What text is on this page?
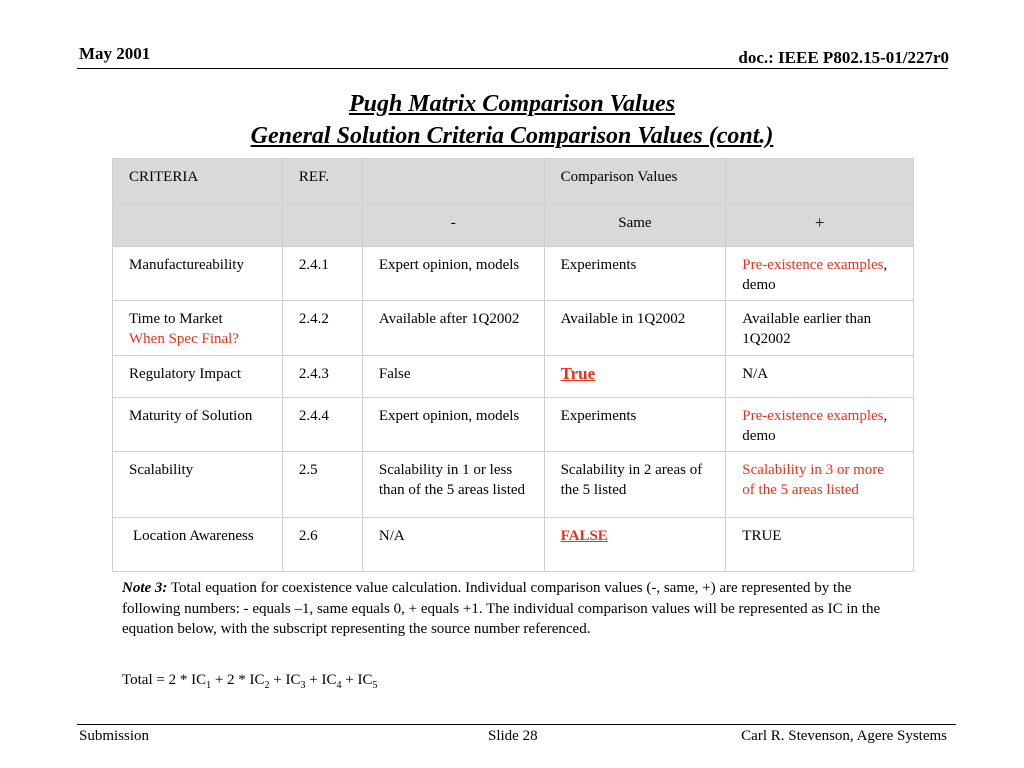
May 2001	doc.: IEEE P802.15-01/227r0
Pugh Matrix Comparison Values
General Solution Criteria Comparison Values (cont.)
CRITERIA	REF.		Comparison Values	
		-	Same	+
Manufactureability	2.4.1	Expert opinion, models	Experiments	Pre-existence examples, demo

Time to Market
When Spec Final?	2.4.2	Available after 1Q2002	Available in 1Q2002	Available earlier than 1Q2002
Regulatory Impact	2.4.3	False	True	N/A
Maturity of Solution	2.4.4	Expert opinion, models	Experiments	Pre-existence examples, demo
Scalability	2.5	Scalability in 1 or less than of the 5 areas listed	Scalability in 2 areas of the 5 listed	Scalability in 3 or more of the 5 areas listed
Location Awareness	2.6	N/A	FALSE	TRUE
Note 3: Total equation for coexistence value calculation. Individual comparison values (-, same, +) are represented by the following numbers: - equals –1, same equals 0, + equals +1. The individual comparison values will be represented as IC in the equation below, with the subscript representing the source number referenced.
Total = $2 * IC_1 + 2 * IC_2 + IC_3 + IC_4 + IC_5$
Submission	Slide 28	Carl R. Stevenson, Agere Systems
